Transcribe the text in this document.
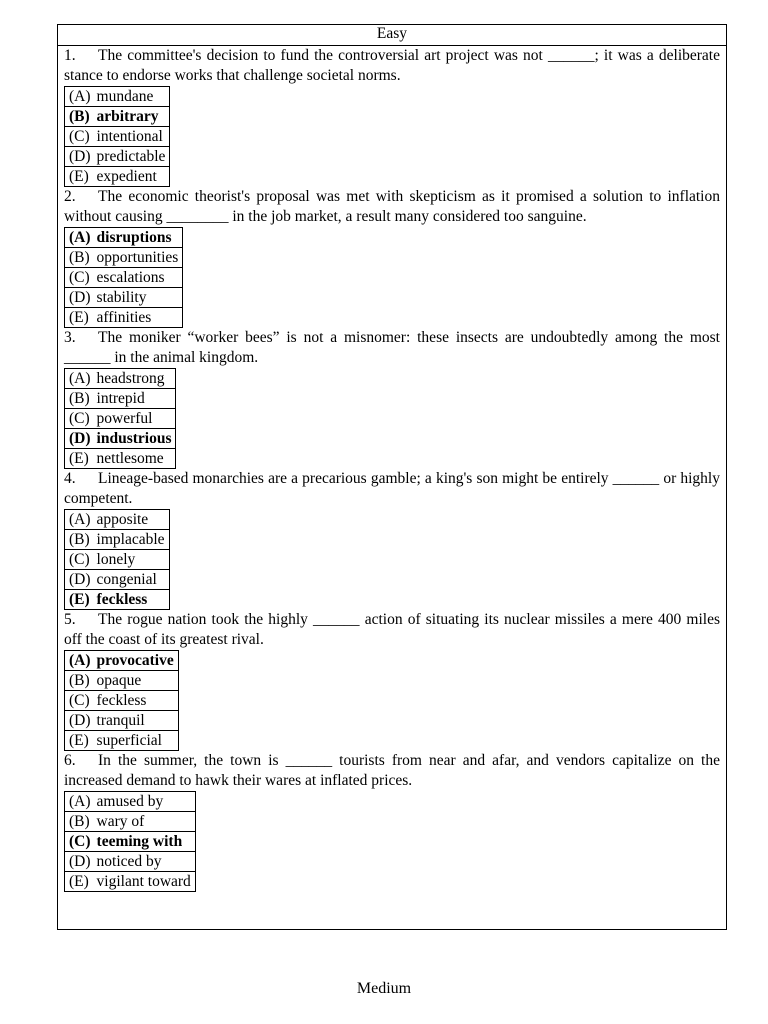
Easy
1. The committee's decision to fund the controversial art project was not ______; it was a deliberate stance to endorse works that challenge societal norms.
(A)	mundane
(B)	arbitrary
(C)	intentional
(D)	predictable
(E)	expedient
2. The economic theorist's proposal was met with skepticism as it promised a solution to inflation without causing ________ in the job market, a result many considered too sanguine.
(A)	disruptions
(B)	opportunities
(C)	escalations
(D)	stability
(E)	affinities
3. The moniker “worker bees” is not a misnomer: these insects are undoubtedly among the most ______ in the animal kingdom.
(A)	headstrong
(B)	intrepid
(C)	powerful
(D)	industrious
(E)	nettlesome
4. Lineage-based monarchies are a precarious gamble; a king's son might be entirely ______ or highly competent.
(A)	apposite
(B)	implacable
(C)	lonely
(D)	congenial
(E)	feckless
5. The rogue nation took the highly ______ action of situating its nuclear missiles a mere 400 miles off the coast of its greatest rival.
(A)	provocative
(B)	opaque
(C)	feckless
(D)	tranquil
(E)	superficial
6. In the summer, the town is ______ tourists from near and afar, and vendors capitalize on the increased demand to hawk their wares at inflated prices.
(A)	amused by
(B)	wary of
(C)	teeming with
(D)	noticed by
(E)	vigilant toward
Medium
